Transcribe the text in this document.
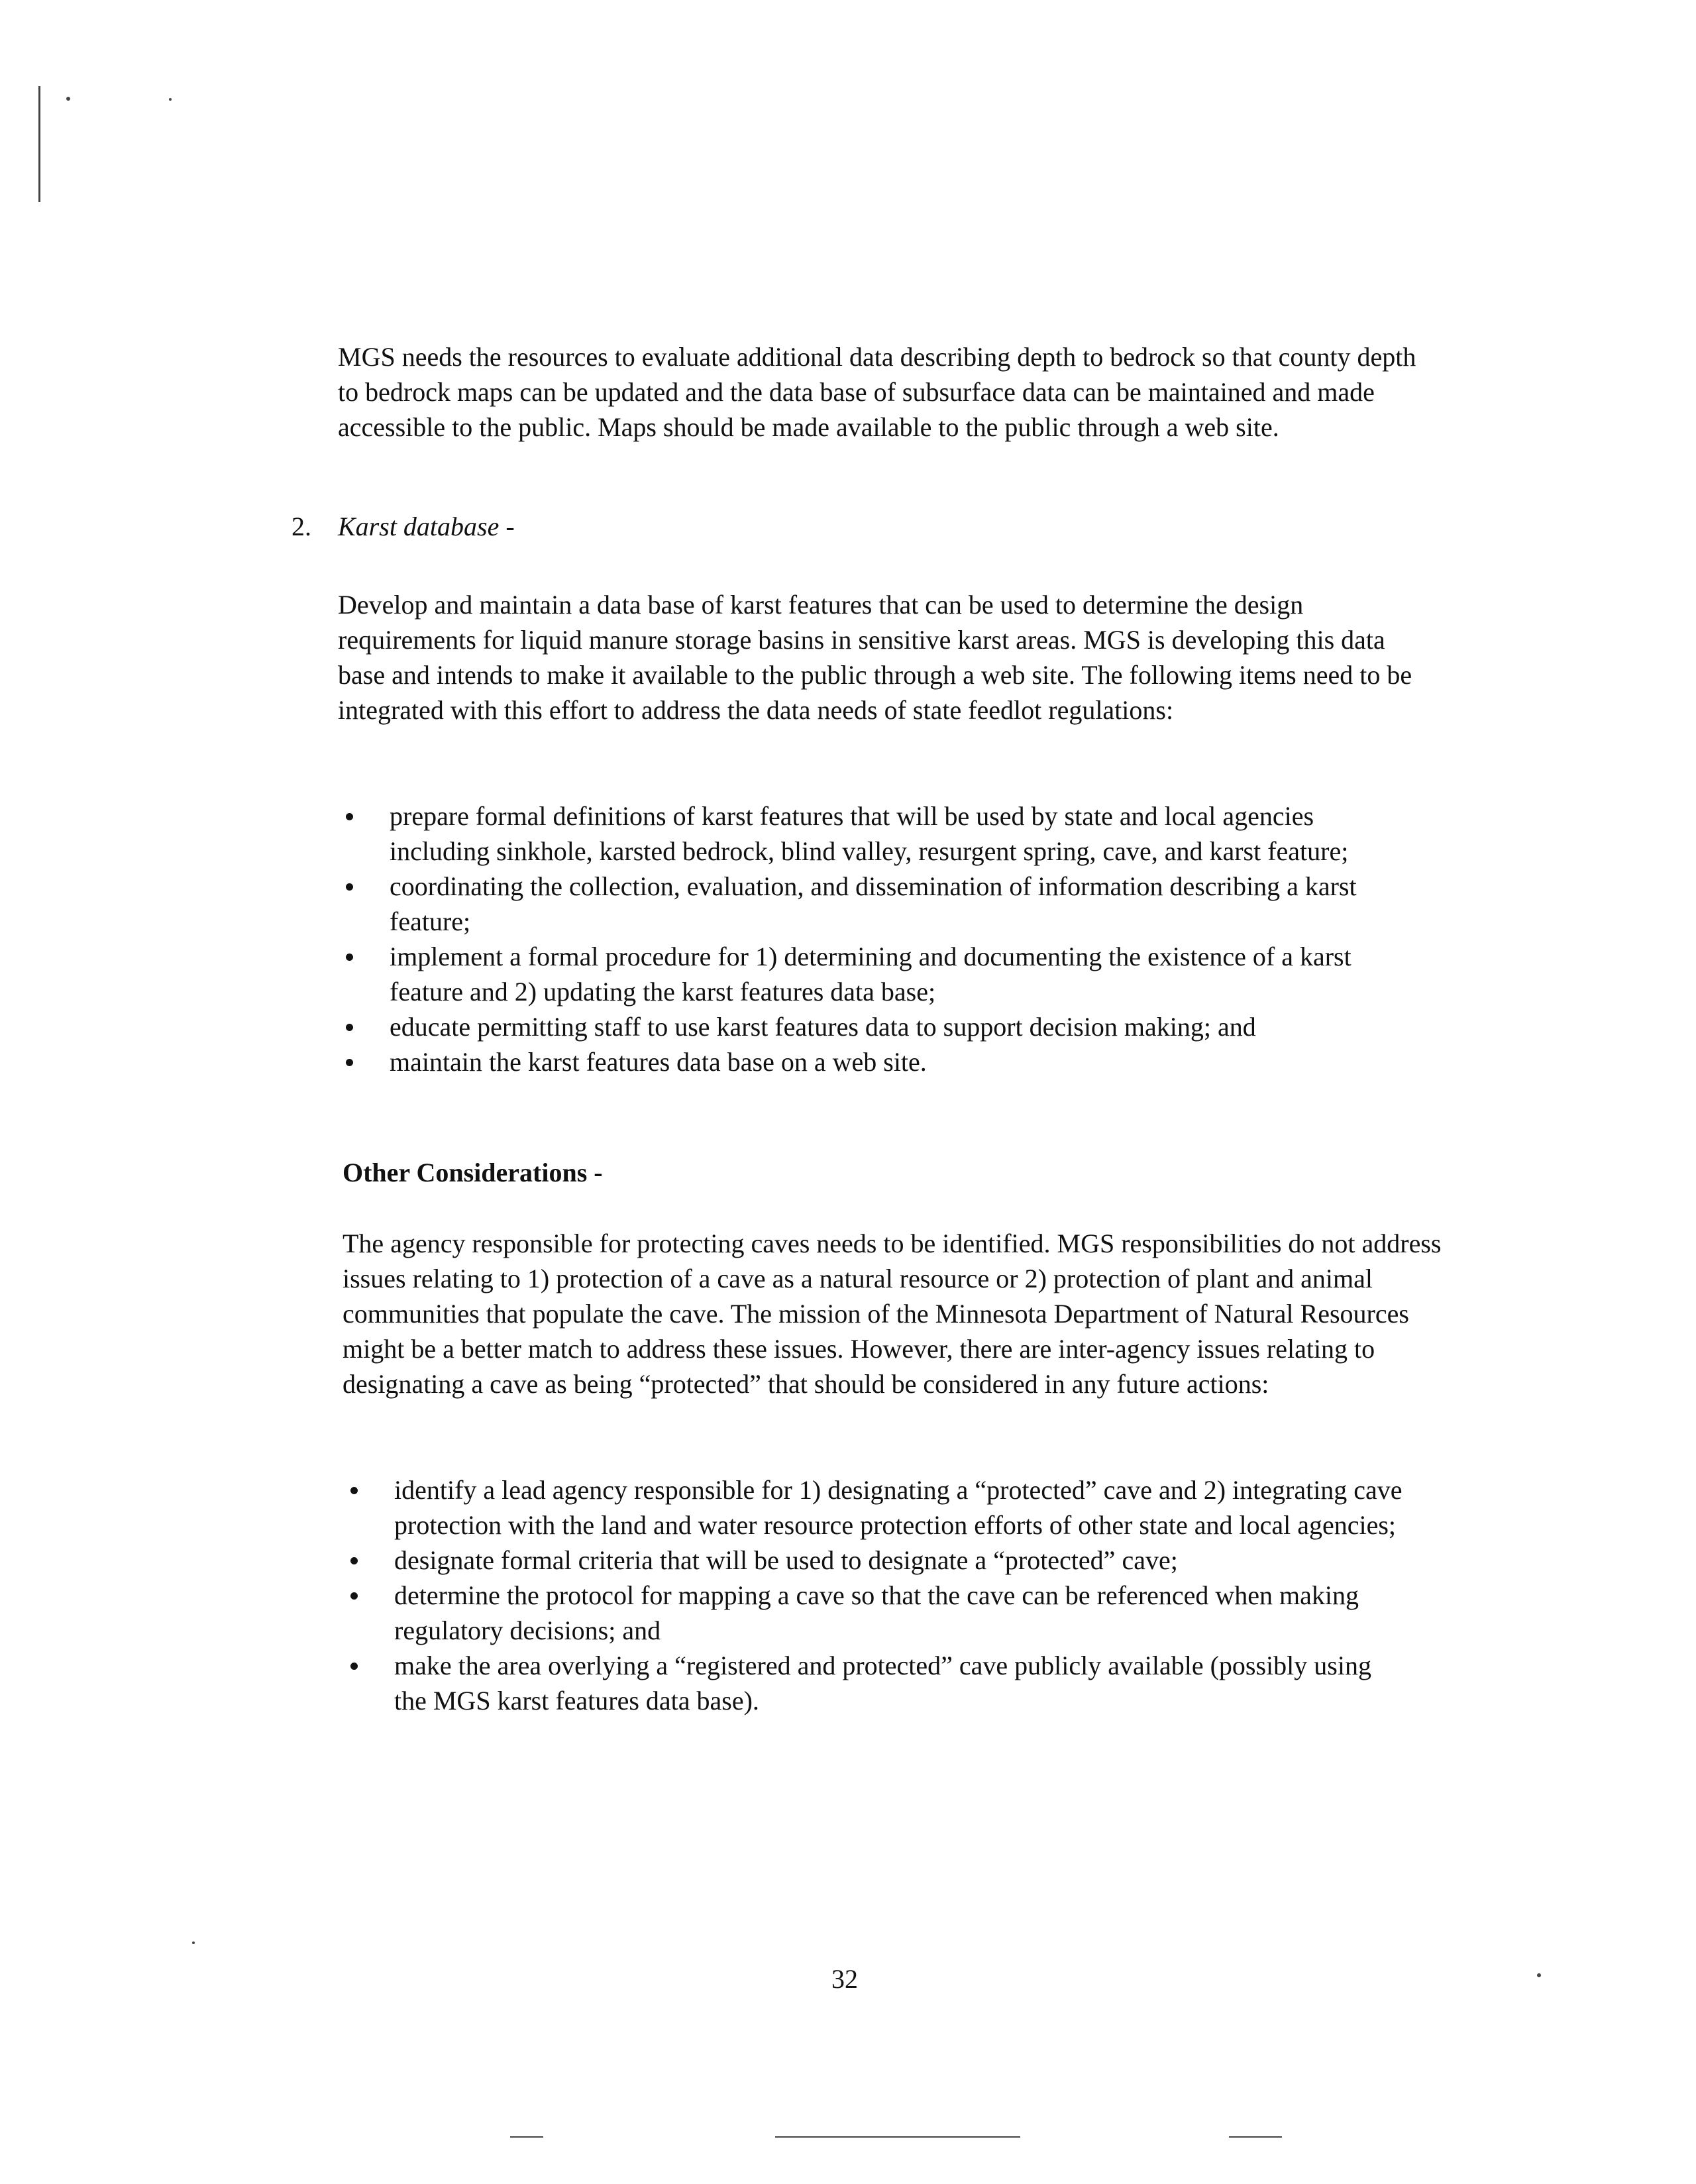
MGS needs the resources to evaluate additional data describing depth to bedrock so that county depth to bedrock maps can be updated and the data base of subsurface data can be maintained and made accessible to the public. Maps should be made available to the public through a web site.

2. Karst database -

Develop and maintain a data base of karst features that can be used to determine the design requirements for liquid manure storage basins in sensitive karst areas. MGS is developing this data base and intends to make it available to the public through a web site. The following items need to be integrated with this effort to address the data needs of state feedlot regulations:

prepare formal definitions of karst features that will be used by state and local agencies including sinkhole, karsted bedrock, blind valley, resurgent spring, cave, and karst feature;
coordinating the collection, evaluation, and dissemination of information describing a karst feature;
implement a formal procedure for 1) determining and documenting the existence of a karst feature and 2) updating the karst features data base;
educate permitting staff to use karst features data to support decision making; and
maintain the karst features data base on a web site.
Other Considerations -

The agency responsible for protecting caves needs to be identified. MGS responsibilities do not address issues relating to 1) protection of a cave as a natural resource or 2) protection of plant and animal communities that populate the cave. The mission of the Minnesota Department of Natural Resources might be a better match to address these issues. However, there are inter-agency issues relating to designating a cave as being “protected” that should be considered in any future actions:

identify a lead agency responsible for 1) designating a “protected” cave and 2) integrating cave protection with the land and water resource protection efforts of other state and local agencies;
designate formal criteria that will be used to designate a “protected” cave;
determine the protocol for mapping a cave so that the cave can be referenced when making regulatory decisions; and
make the area overlying a “registered and protected” cave publicly available (possibly using the MGS karst features data base).
32
